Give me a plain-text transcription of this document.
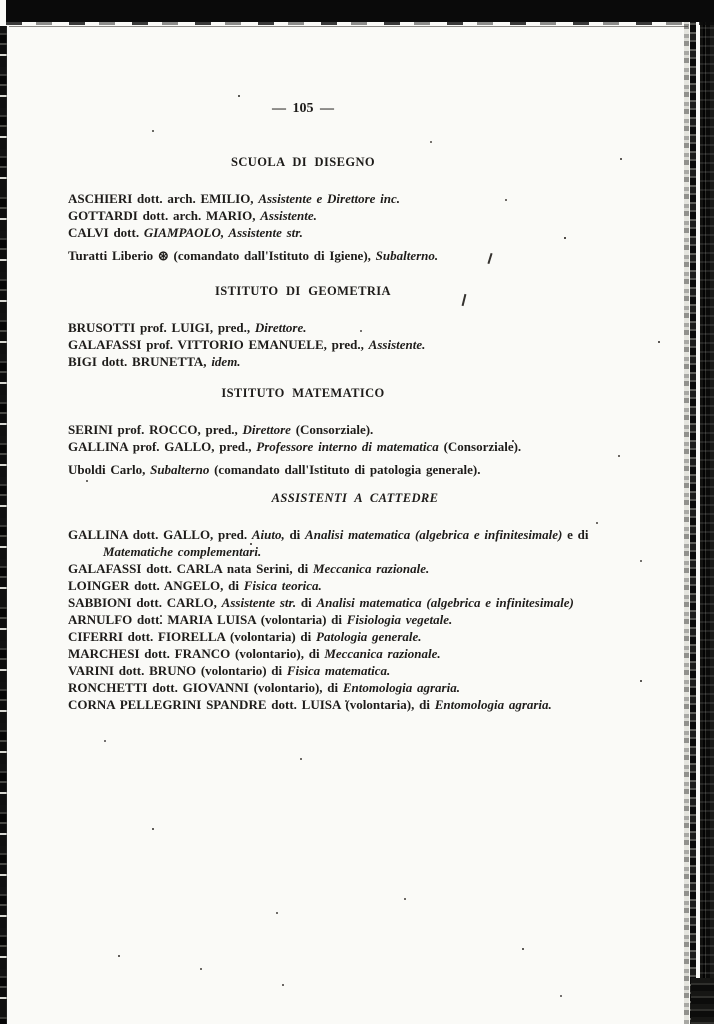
— 105 —
SCUOLA DI DISEGNO
ASCHIERI dott. arch. EMILIO, Assistente e Direttore inc.
GOTTARDI dott. arch. MARIO, Assistente.
CALVI dott. GIAMPAOLO, Assistente str.
Turatti Liberio ⊛ (comandato dall'Istituto di Igiene), Subalterno.
ISTITUTO DI GEOMETRIA
BRUSOTTI prof. LUIGI, pred., Direttore.
GALAFASSI prof. VITTORIO EMANUELE, pred., Assistente.
BIGI dott. BRUNETTA, idem.
ISTITUTO MATEMATICO
SERINI prof. ROCCO, pred., Direttore (Consorziale).
GALLINA prof. GALLO, pred., Professore interno di matematica (Consorziale).
Uboldi Carlo, Subalterno (comandato dall'Istituto di patologia generale).
ASSISTENTI A CATTEDRE
GALLINA dott. GALLO, pred. Aiuto, di Analisi matematica (algebrica e infinitesimale) e di
Matematiche complementari.
GALAFASSI dott. CARLA nata Serini, di Meccanica razionale.
LOINGER dott. ANGELO, di Fisica teorica.
SABBIONI dott. CARLO, Assistente str. di Analisi matematica (algebrica e infinitesimale)
ARNULFO dott. MARIA LUISA (volontaria) di Fisiologia vegetale.
CIFERRI dott. FIORELLA (volontaria) di Patologia generale.
MARCHESI dott. FRANCO (volontario), di Meccanica razionale.
VARINI dott. BRUNO (volontario) di Fisica matematica.
RONCHETTI dott. GIOVANNI (volontario), di Entomologia agraria.
CORNA PELLEGRINI SPANDRE dott. LUISA (volontaria), di Entomologia agraria.
